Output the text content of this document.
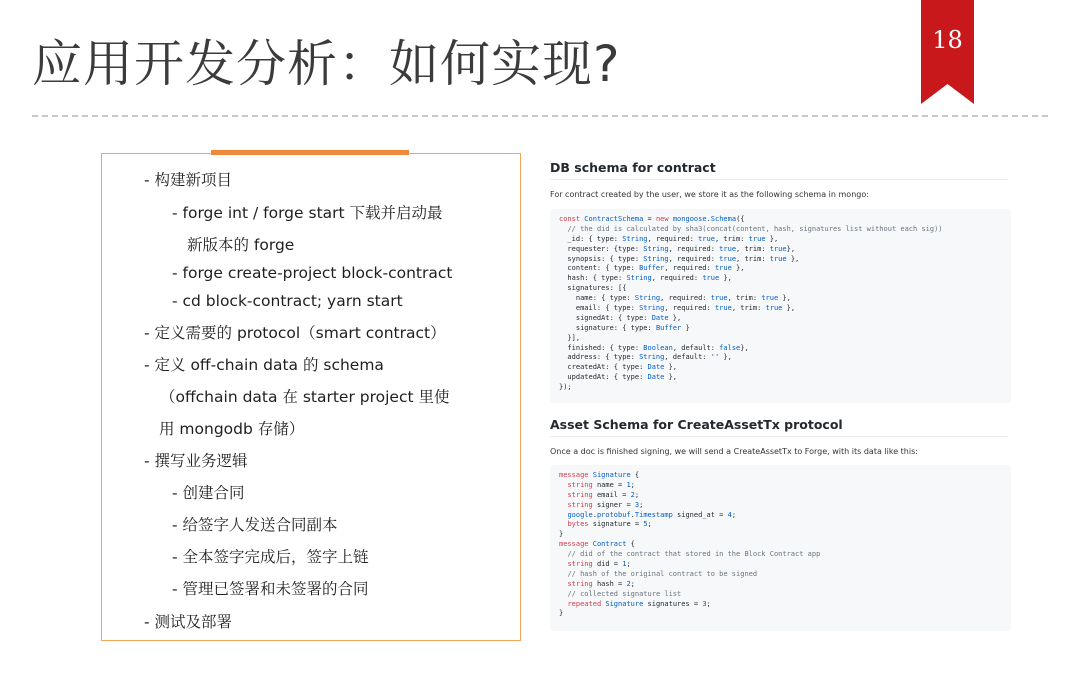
应用开发分析：如何实现?	18
- 构建新项目
- forge int / forge start 下载并启动最
新版本的 forge
- forge create-project block-contract
- cd block-contract; yarn start
- 定义需要的 protocol（smart contract）
- 定义 off-chain data 的 schema
（offchain data 在 starter project 里使
用 mongodb 存储）
- 撰写业务逻辑
- 创建合同
- 给签字人发送合同副本
- 全本签字完成后，签字上链
- 管理已签署和未签署的合同
- 测试及部署
DB schema for contract
For contract created by the user, we store it as the following schema in mongo:
const ContractSchema = new mongoose.Schema({
// the did is calculated by sha3(concat(content, hash, signatures list without each sig))
_id: { type: String, required: true, trim: true },
requester: {type: String, required: true, trim: true},
synopsis: { type: String, required: true, trim: true },
content: { type: Buffer, required: true },
hash: { type: String, required: true },
signatures: [{
name: { type: String, required: true, trim: true },
email: { type: String, required: true, trim: true },
signedAt: { type: Date },
signature: { type: Buffer }
}],
finished: { type: Boolean, default: false},
address: { type: String, default: '' },
createdAt: { type: Date },
updatedAt: { type: Date },
});
Asset Schema for CreateAssetTx protocol
Once a doc is finished signing, we will send a CreateAssetTx to Forge, with its data like this:
message Signature {
string name = 1;
string email = 2;
string signer = 3;
google.protobuf.Timestamp signed_at = 4;
bytes signature = 5;
}
message Contract {
// did of the contract that stored in the Block Contract app
string did = 1;
// hash of the original contract to be signed
string hash = 2;
// collected signature list
repeated Signature signatures = 3;
}
